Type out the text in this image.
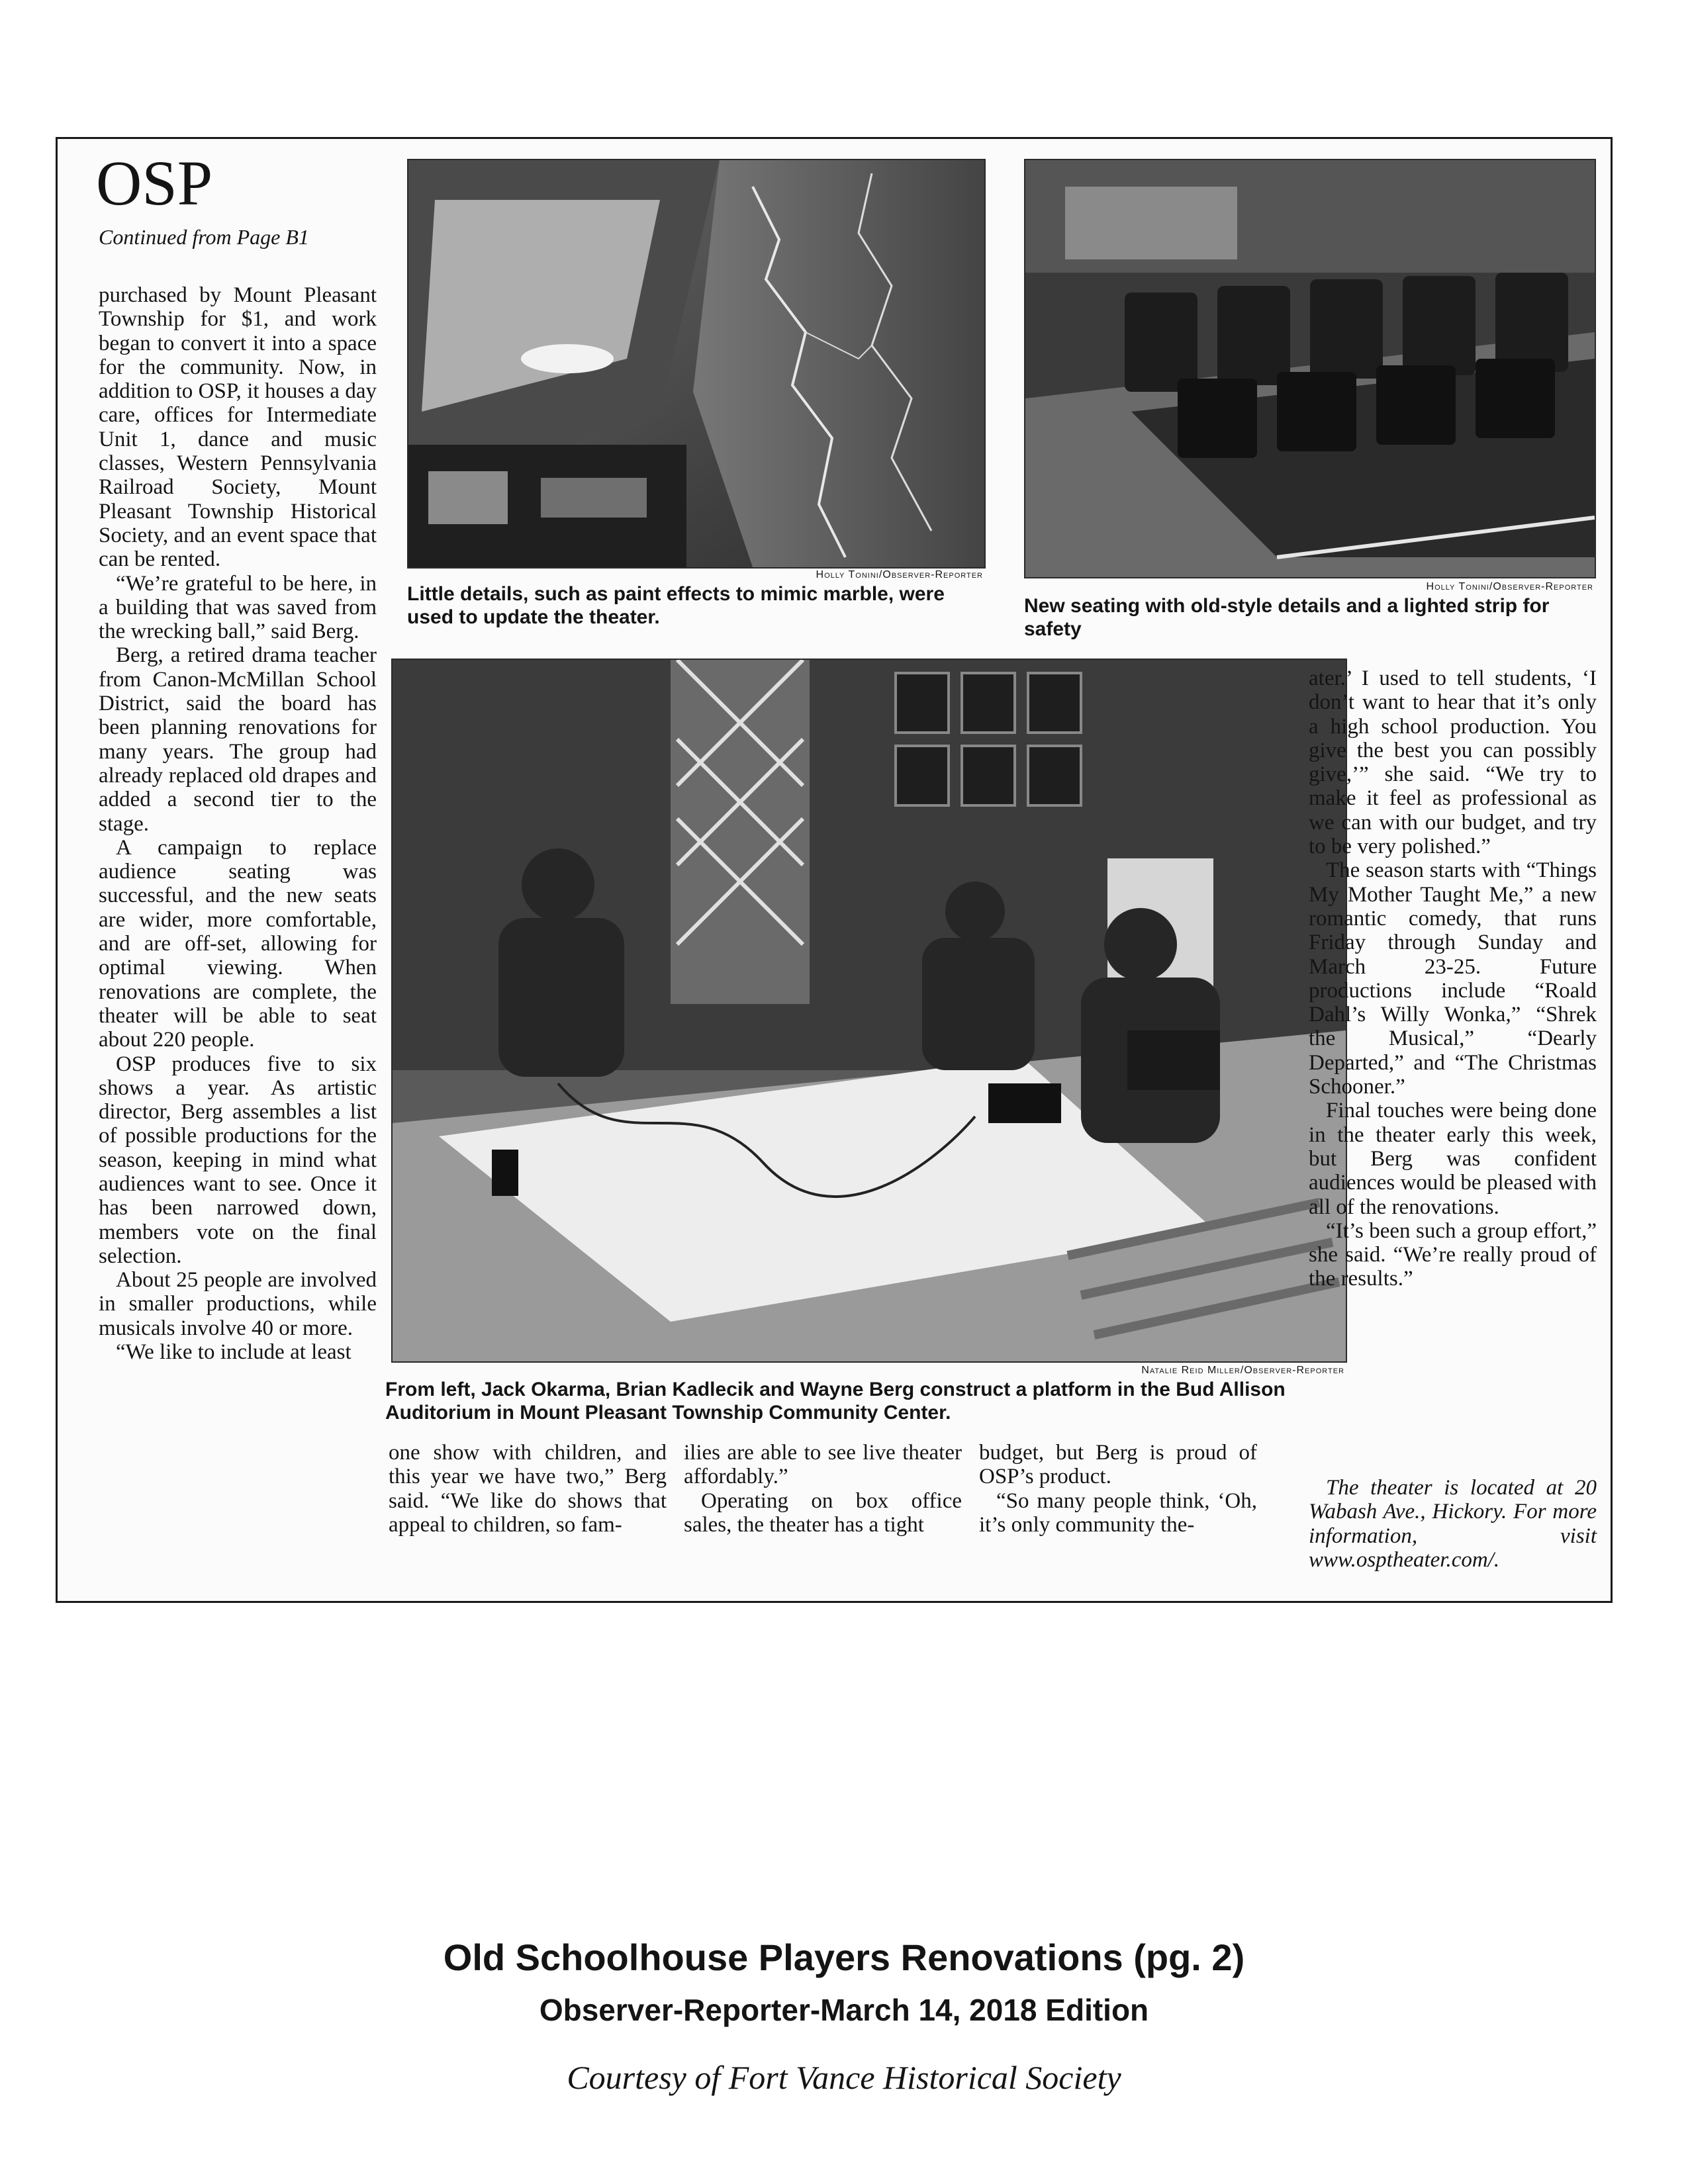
OSP
Continued from Page B1

purchased by Mount Pleasant Township for $1, and work began to convert it into a space for the community. Now, in addition to OSP, it houses a day care, offices for Intermediate Unit 1, dance and music classes, Western Pennsylvania Railroad Society, Mount Pleasant Township Historical Society, and an event space that can be rented.

“We’re grateful to be here, in a building that was saved from the wrecking ball,” said Berg.

Berg, a retired drama teacher from Canon-McMillan School District, said the board has been planning renovations for many years. The group had already replaced old drapes and added a second tier to the stage.

A campaign to replace audience seating was successful, and the new seats are wider, more comfortable, and are off-set, allowing for optimal viewing. When renovations are complete, the theater will be able to seat about 220 people.

OSP produces five to six shows a year. As artistic director, Berg assembles a list of possible productions for the season, keeping in mind what audiences want to see. Once it has been narrowed down, members vote on the final selection.

About 25 people are involved in smaller productions, while musicals involve 40 or more.

“We like to include at least

Holly Tonini/Observer-Reporter
Little details, such as paint effects to mimic marble, were used to update the theater.
Holly Tonini/Observer-Reporter
New seating with old-style details and a lighted strip for safety
Natalie Reid Miller/Observer-Reporter
From left, Jack Okarma, Brian Kadlecik and Wayne Berg construct a platform in the Bud Allison Auditorium in Mount Pleasant Township Community Center.

one show with children, and this year we have two,” Berg said. “We like do shows that appeal to children, so fam-

ilies are able to see live theater affordably.”

Operating on box office sales, the theater has a tight

budget, but Berg is proud of OSP’s product.

“So many people think, ‘Oh, it’s only community the-

ater.’ I used to tell students, ‘I don’t want to hear that it’s only a high school production. You give the best you can possibly give,’” she said. “We try to make it feel as professional as we can with our budget, and try to be very polished.”

The season starts with “Things My Mother Taught Me,” a new romantic comedy, that runs Friday through Sunday and March 23-25. Future productions include “Roald Dahl’s Willy Wonka,” “Shrek the Musical,” “Dearly Departed,” and “The Christmas Schooner.”

Final touches were being done in the theater early this week, but Berg was confident audiences would be pleased with all of the renovations.

“It’s been such a group effort,” she said. “We’re really proud of the results.”

The theater is located at 20 Wabash Ave., Hickory. For more information, visit www.osptheater.com/.

Old Schoolhouse Players Renovations (pg. 2)
Observer-Reporter-March 14, 2018 Edition
Courtesy of Fort Vance Historical Society
